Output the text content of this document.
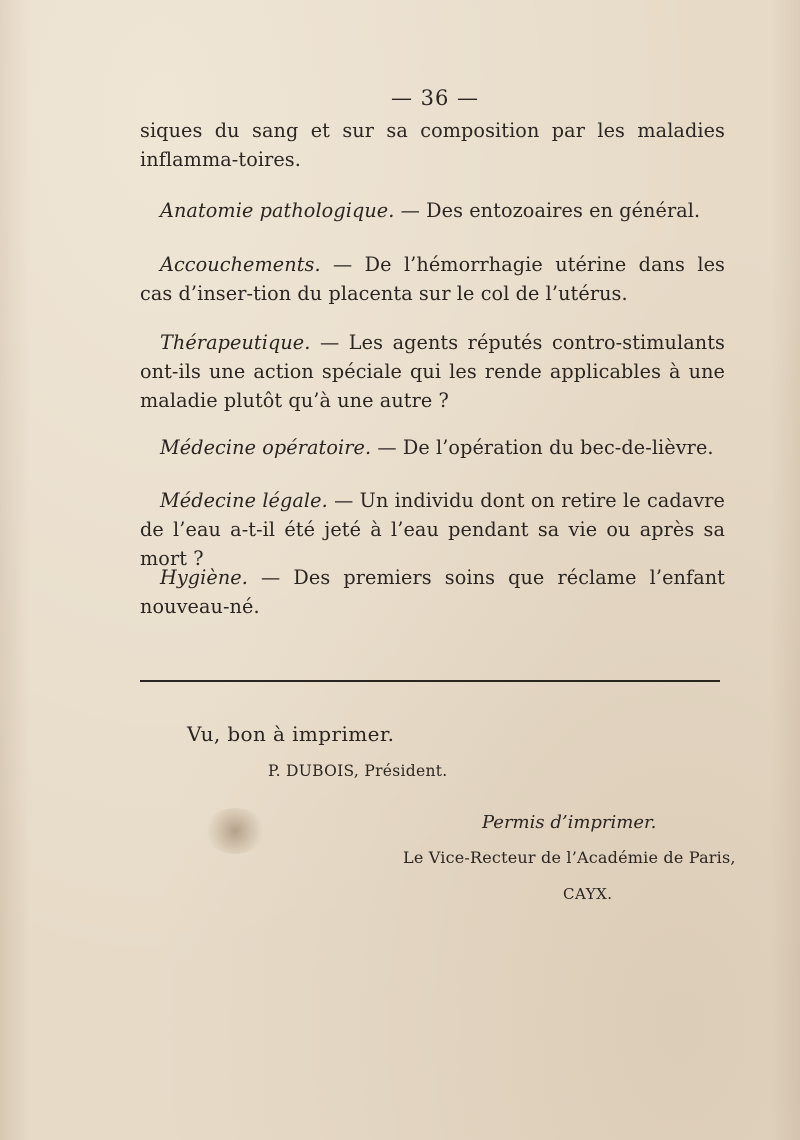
— 36 —

siques du sang et sur sa composition par les maladies inflamma-toires.

Anatomie pathologique. — Des entozoaires en général.

Accouchements. — De l’hémorrhagie utérine dans les cas d’inser-tion du placenta sur le col de l’utérus.

Thérapeutique. — Les agents réputés contro-stimulants ont-ils une action spéciale qui les rende applicables à une maladie plutôt qu’à une autre ?

Médecine opératoire. — De l’opération du bec-de-lièvre.

Médecine légale. — Un individu dont on retire le cadavre de l’eau a-t-il été jeté à l’eau pendant sa vie ou après sa mort ?

Hygiène. — Des premiers soins que réclame l’enfant nouveau-né.

Vu, bon à imprimer.
P. DUBOIS, Président.
Permis d’imprimer.
Le Vice-Recteur de l’Académie de Paris,
CAYX.
